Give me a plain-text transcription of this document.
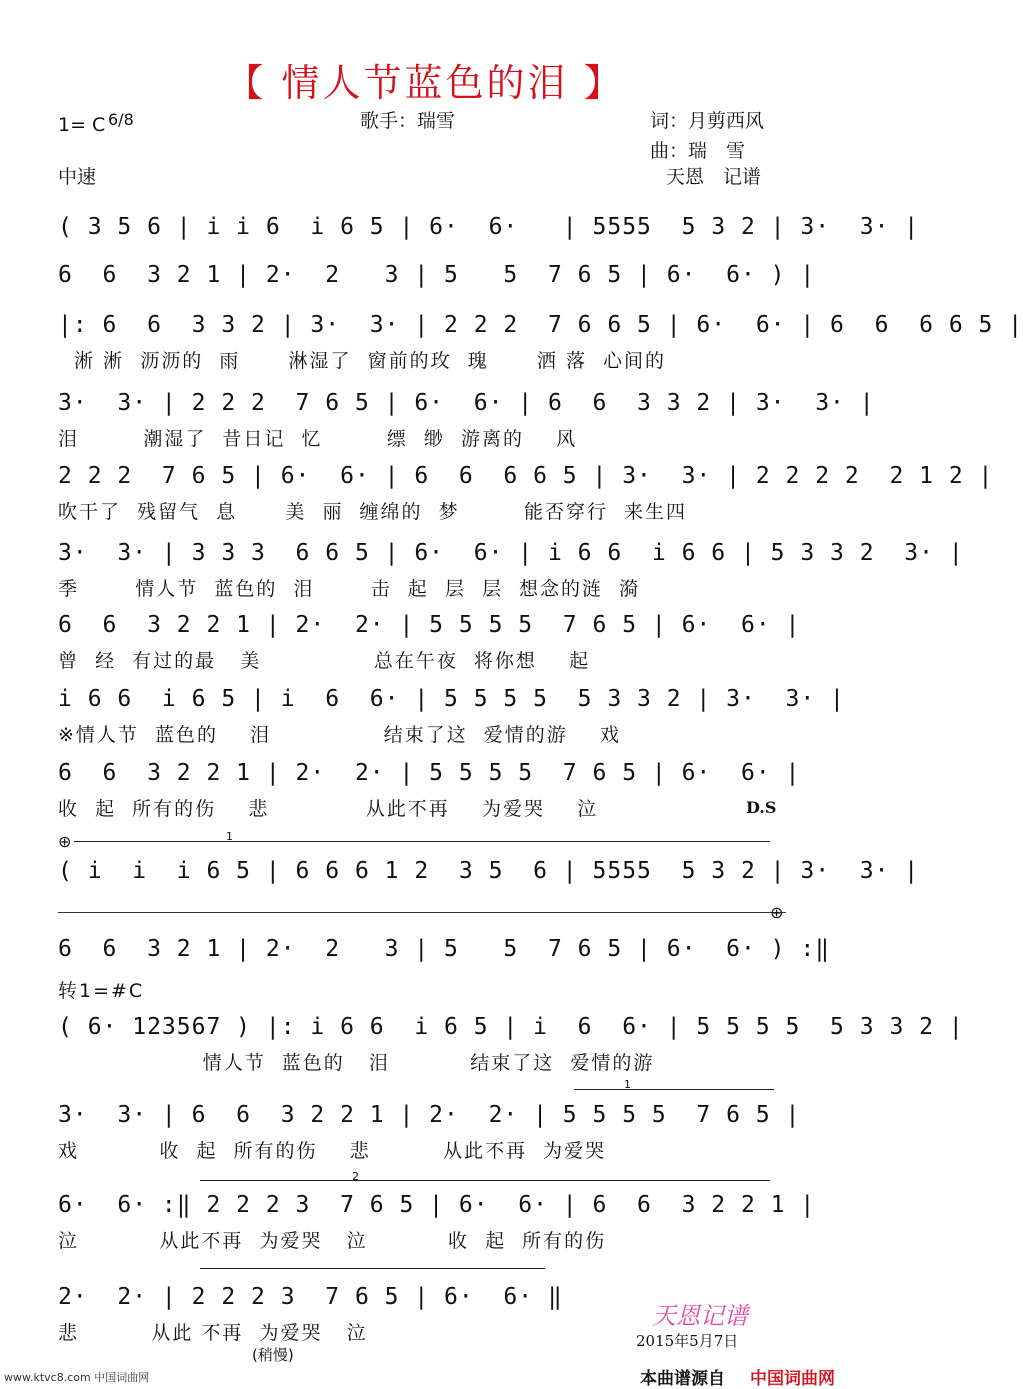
【 情人节蓝色的泪 】
1= C 6/8	歌手：瑞雪	词：月剪西风
曲：瑞　雪
中速	天恩　记谱
( 3 5 6 | i i 6  i 6 5 | 6·  6·   | 5555  5 3 2 | 3·  3· |
6  6  3 2 1 | 2·  2   3 | 5   5  7 6 5 | 6·  6· ) |
|: 6  6  3 3 2 | 3·  3· | 2 2 2  7 6 6 5 | 6·  6· | 6  6  6 6 5 |
淅 淅  沥沥的  雨      淋湿了  窗前的玫  瑰      洒 落  心间的
3·  3· | 2 2 2  7 6 5 | 6·  6· | 6  6  3 3 2 | 3·  3· |
泪        潮湿了  昔日记  忆        缥  缈  游离的    风
2 2 2  7 6 5 | 6·  6· | 6  6  6 6 5 | 3·  3· | 2 2 2 2  2 1 2 |
吹干了  残留气  息      美  丽  缠绵的  梦        能否穿行  来生四
3·  3· | 3 3 3  6 6 5 | 6·  6· | i 6 6  i 6 6 | 5 3 3 2  3· |
季       情人节  蓝色的  泪       击  起  层  层  想念的涟  漪
6  6  3 2 2 1 | 2·  2· | 5 5 5 5  7 6 5 | 6·  6· |
曾  经  有过的最   美              总在午夜  将你想    起
i 6 6  i 6 5 | i  6  6· | 5 5 5 5  5 3 3 2 | 3·  3· |
※情人节  蓝色的    泪              结束了这  爱情的游    戏
6  6  3 2 2 1 | 2·  2· | 5 5 5 5  7 6 5 | 6·  6· |
收  起  所有的伤    悲            从此不再    为爱哭    泣	D.S
⊕	1
( i  i  i 6 5 | 6 6 6 1 2  3 5  6 | 5555  5 3 2 | 3·  3· |
⊕
6  6  3 2 1 | 2·  2   3 | 5   5  7 6 5 | 6·  6· ) :‖
转1=#C
( 6· 123567 ) |: i 6 6  i 6 5 | i  6  6· | 5 5 5 5  5 3 3 2 |
情人节  蓝色的   泪          结束了这  爱情的游
1
3·  3· | 6  6  3 2 2 1 | 2·  2· | 5 5 5 5  7 6 5 |
戏          收  起  所有的伤    悲         从此不再  为爱哭
2
6·  6· :‖ 2 2 2 3  7 6 5 | 6·  6· | 6  6  3 2 2 1 |
泣          从此不再  为爱哭   泣          收  起  所有的伤
2·  2· | 2 2 2 3  7 6 5 | 6·  6· ‖
悲         从此 不再  为爱哭   泣
(稍慢)
天恩记谱
2015年5月7日
www.ktvc8.com 中国词曲网	本曲谱源自 中国词曲网
